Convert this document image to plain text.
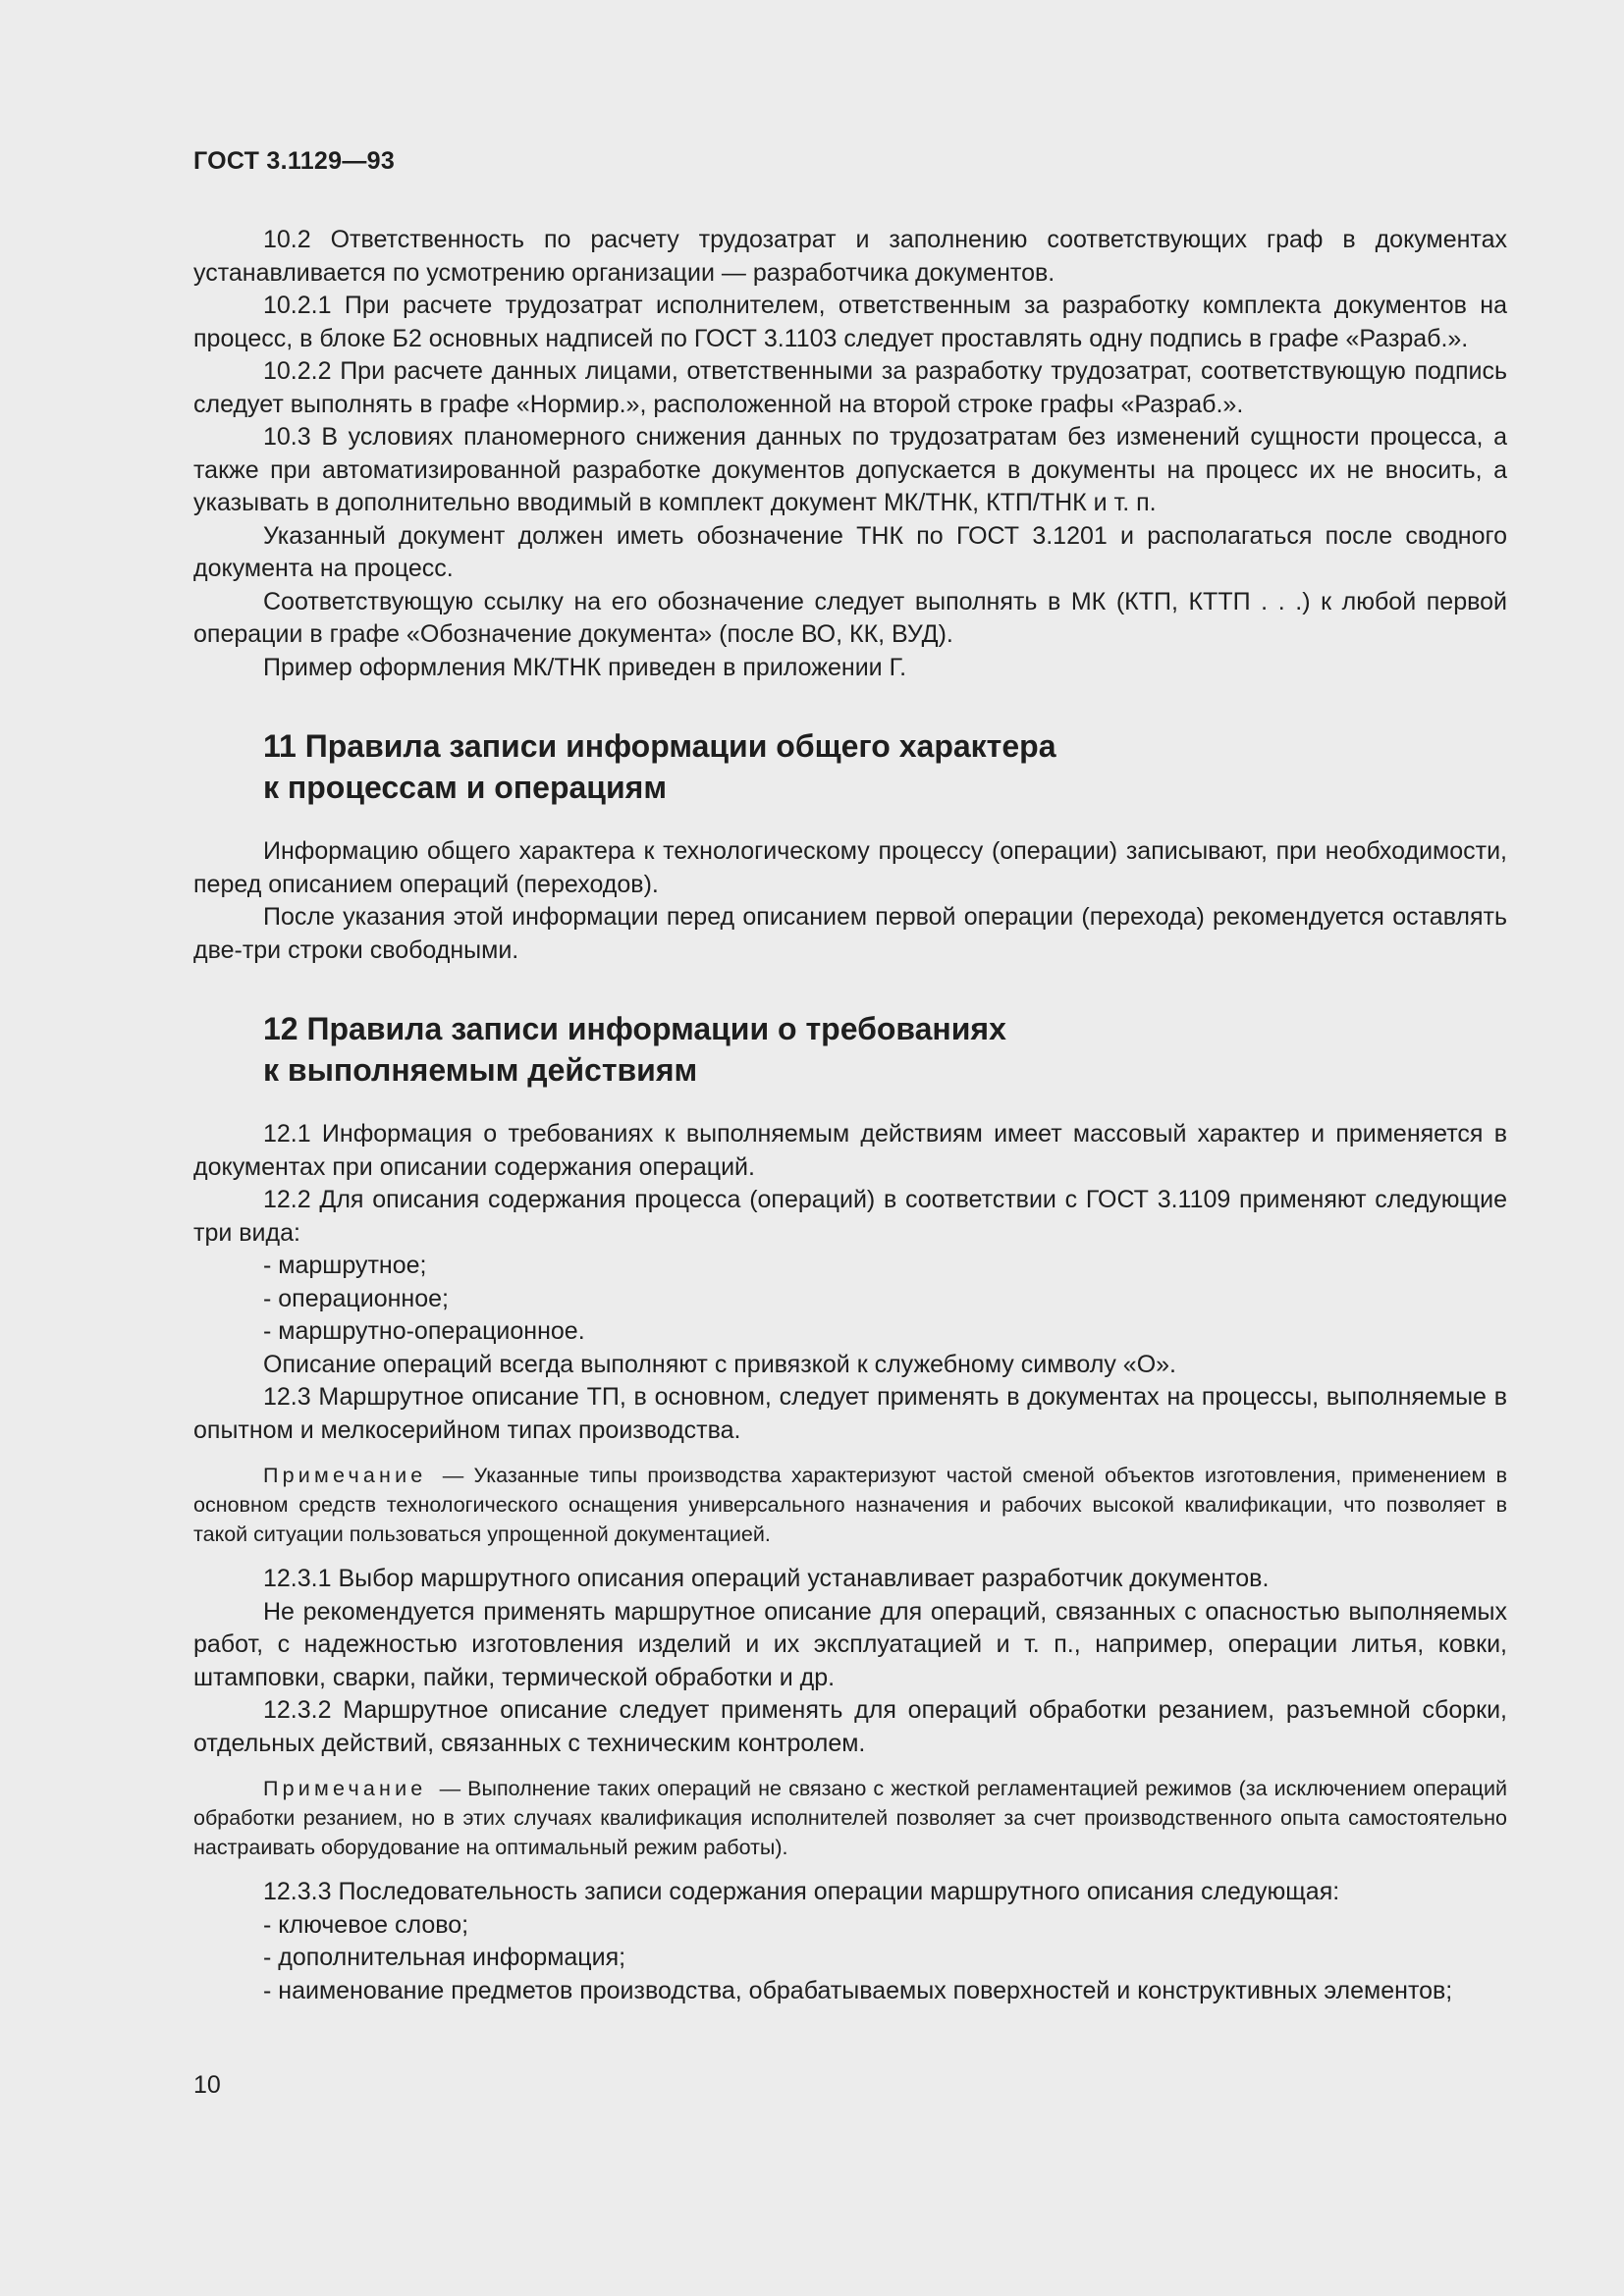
ГОСТ 3.1129—93

10.2 Ответственность по расчету трудозатрат и заполнению соответствующих граф в документах устанавливается по усмотрению организации — разработчика документов.

10.2.1 При расчете трудозатрат исполнителем, ответственным за разработку комплекта документов на процесс, в блоке Б2 основных надписей по ГОСТ 3.1103 следует проставлять одну подпись в графе «Разраб.».

10.2.2 При расчете данных лицами, ответственными за разработку трудозатрат, соответствующую подпись следует выполнять в графе «Нормир.», расположенной на второй строке графы «Разраб.».

10.3 В условиях планомерного снижения данных по трудозатратам без изменений сущности процесса, а также при автоматизированной разработке документов допускается в документы на процесс их не вносить, а указывать в дополнительно вводимый в комплект документ МК/ТНК, КТП/ТНК и т. п.

Указанный документ должен иметь обозначение ТНК по ГОСТ 3.1201 и располагаться после сводного документа на процесс.

Соответствующую ссылку на его обозначение следует выполнять в МК (КТП, КТТП . . .) к любой первой операции в графе «Обозначение документа» (после ВО, КК, ВУД).

Пример оформления МК/ТНК приведен в приложении Г.

11 Правила записи информации общего характера
к процессам и операциям

Информацию общего характера к технологическому процессу (операции) записывают, при необходимости, перед описанием операций (переходов).

После указания этой информации перед описанием первой операции (перехода) рекомендуется оставлять две-три строки свободными.

12 Правила записи информации о требованиях
к выполняемым действиям

12.1 Информация о требованиях к выполняемым действиям имеет массовый характер и применяется в документах при описании содержания операций.

12.2 Для описания содержания процесса (операций) в соответствии с ГОСТ 3.1109 применяют следующие три вида:

- маршрутное;

- операционное;

- маршрутно-операционное.

Описание операций всегда выполняют с привязкой к служебному символу «О».

12.3 Маршрутное описание ТП, в основном, следует применять в документах на процессы, выполняемые в опытном и мелкосерийном типах производства.

Примечание — Указанные типы производства характеризуют частой сменой объектов изготовления, применением в основном средств технологического оснащения универсального назначения и рабочих высокой квалификации, что позволяет в такой ситуации пользоваться упрощенной документацией.

12.3.1 Выбор маршрутного описания операций устанавливает разработчик документов.

Не рекомендуется применять маршрутное описание для операций, связанных с опасностью выполняемых работ, с надежностью изготовления изделий и их эксплуатацией и т. п., например, операции литья, ковки, штамповки, сварки, пайки, термической обработки и др.

12.3.2 Маршрутное описание следует применять для операций обработки резанием, разъемной сборки, отдельных действий, связанных с техническим контролем.

Примечание — Выполнение таких операций не связано с жесткой регламентацией режимов (за исключением операций обработки резанием, но в этих случаях квалификация исполнителей позволяет за счет производственного опыта самостоятельно настраивать оборудование на оптимальный режим работы).

12.3.3 Последовательность записи содержания операции маршрутного описания следующая:

- ключевое слово;

- дополнительная информация;

- наименование предметов производства, обрабатываемых поверхностей и конструктивных элементов;

10
